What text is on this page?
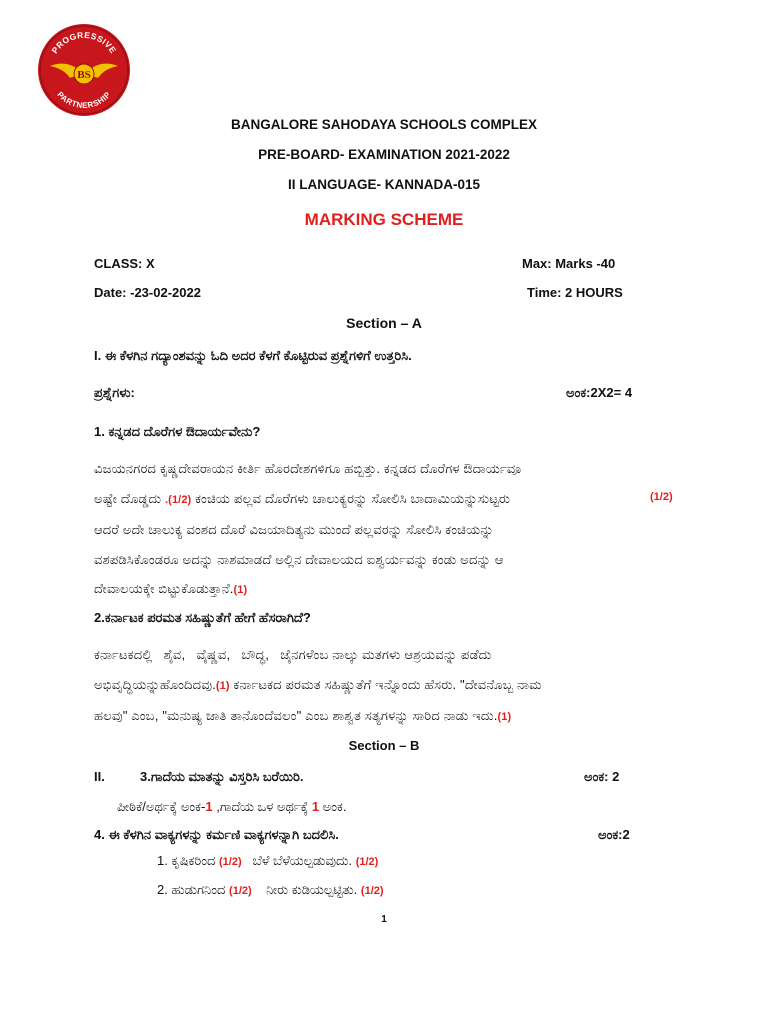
BS
PROGRESSIVE
PARTNERSHIP
BANGALORE SAHODAYA SCHOOLS COMPLEX
PRE-BOARD- EXAMINATION 2021-2022
II LANGUAGE- KANNADA-015
MARKING SCHEME
CLASS: X	Max: Marks -40
Date: -23-02-2022	Time: 2 HOURS
Section – A
I. ಈ ಕೆಳಗಿನ ಗದ್ಯಾಂಶವನ್ನು ಓದಿ ಅದರ ಕೆಳಗೆ ಕೊಟ್ಟಿರುವ ಪ್ರಶ್ನೆಗಳಿಗೆ ಉತ್ತರಿಸಿ.
ಪ್ರಶ್ನೆಗಳು:	ಅಂಕ:2X2= 4
1. ಕನ್ನಡದ ದೊರೆಗಳ ಔದಾರ್ಯವೇನು?
ವಿಜಯನಗರದ ಕೃಷ್ಣದೇವರಾಯನ ಕೀರ್ತಿ ಹೊರದೇಶಗಳಿಗೂ ಹಬ್ಬಿತ್ತು. ಕನ್ನಡದ ದೊರೆಗಳ ಔದಾರ್ಯವೂ
ಅಷ್ಟೇ ದೊಡ್ಡದು .(1/2) ಕಂಚಿಯ ಪಲ್ಲವ ದೊರೆಗಳು ಚಾಲುಕ್ಯರನ್ನು ಸೋಲಿಸಿ ಬಾದಾಮಿಯನ್ನುಸುಟ್ಟರು
ಆದರೆ ಅದೇ ಚಾಲುಕ್ಯ ವಂಶದ ದೊರೆ ವಿಜಯಾದಿತ್ಯನು ಮುಂದೆ ಪಲ್ಲವರನ್ನು ಸೋಲಿಸಿ ಕಂಚಿಯನ್ನು
ವಶಪಡಿಸಿಕೊಂಡರೂ ಅದನ್ನು ನಾಶಮಾಡದೆ ಅಲ್ಲಿನ ದೇವಾಲಯದ ಐಶ್ವರ್ಯವನ್ನು ಕಂಡು ಅದನ್ನು ಆ
ದೇವಾಲಯಕ್ಕೇ ಬಿಟ್ಟುಕೊಡುತ್ತಾನೆ.(1)
(1/2)
2.ಕರ್ನಾಟಕ ಪರಮತ ಸಹಿಷ್ಣುತೆಗೆ ಹೇಗೆ ಹೆಸರಾಗಿದೆ?
ಕರ್ನಾಟಕದಲ್ಲಿ   ಶೈವ,   ವೈಷ್ಣವ,   ಬೌದ್ಧ,   ಜೈನಗಳೆಂಬ ನಾಲ್ಕು ಮತಗಳು ಆಶ್ರಯವನ್ನು ಪಡೆದು
ಅಭಿವೃದ್ಧಿಯನ್ನುಹೊಂದಿದವು.(1) ಕರ್ನಾಟಕದ ಪರಮತ ಸಹಿಷ್ಣುತೆಗೆ ಇನ್ನೊಂದು ಹೆಸರು. "ದೇವನೊಬ್ಬ ನಾಮ
ಹಲವು" ಎಂಬ, "ಮನುಷ್ಯ ಜಾತಿ ತಾನೊಂದೆವಲಂ" ಎಂಬ ಶಾಶ್ವತ ಸತ್ಯಗಳನ್ನು ಸಾರಿದ ನಾಡು ಇದು.(1)
Section – B
II.	3.ಗಾದೆಯ ಮಾತನ್ನು ವಿಸ್ತರಿಸಿ ಬರೆಯಿರಿ.	ಅಂಕ: 2
ಪೀಠಿಕೆ/ಅರ್ಥಕ್ಕೆ ಅಂಕ-1 ,ಗಾದೆಯ ಒಳ ಅರ್ಥಕ್ಕೆ 1 ಅಂಕ.
4. ಈ ಕೆಳಗಿನ ವಾಕ್ಯಗಳನ್ನು ಕರ್ಮಣಿ ವಾಕ್ಯಗಳನ್ನಾಗಿ ಬದಲಿಸಿ.	ಅಂಕ:2
1. ಕೃಷಿಕರಿಂದ (1/2)   ಬೆಳೆ ಬೆಳೆಯಲ್ಪಡುವುದು. (1/2)
2. ಹುಡುಗನಿಂದ (1/2)    ನೀರು ಕುಡಿಯಲ್ಪಟ್ಟಿತು. (1/2)
1
